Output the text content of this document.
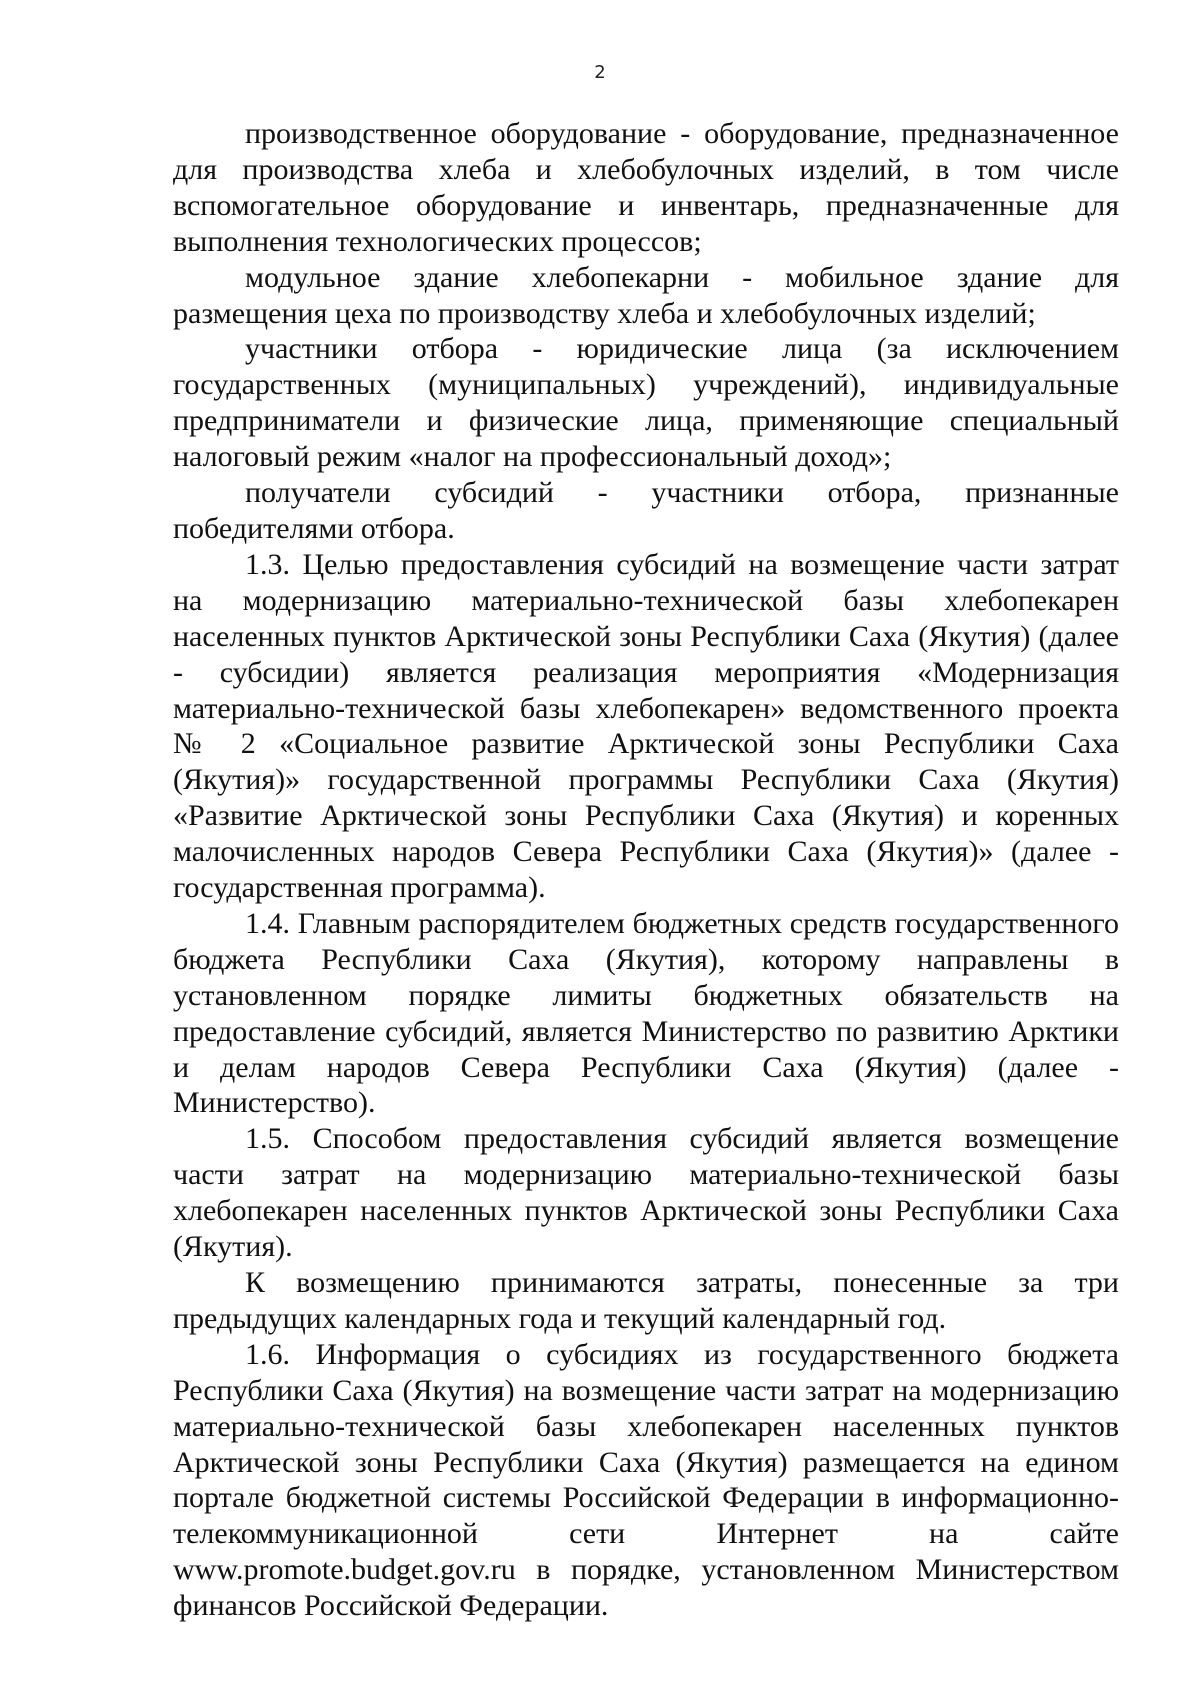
2

производственное оборудование - оборудование, предназначенное для производства хлеба и хлебобулочных изделий, в том числе вспомогательное оборудование и инвентарь, предназначенные для выполнения технологических процессов;

модульное здание хлебопекарни - мобильное здание для размещения цеха по производству хлеба и хлебобулочных изделий;

участники отбора - юридические лица (за исключением государственных (муниципальных) учреждений), индивидуальные предприниматели и физические лица, применяющие специальный налоговый режим «налог на профессиональный доход»;

получатели субсидий - участники отбора, признанные победителями отбора.

1.3. Целью предоставления субсидий на возмещение части затрат на модернизацию материально-технической базы хлебопекарен населенных пунктов Арктической зоны Республики Саха (Якутия) (далее - субсидии) является реализация мероприятия «Модернизация материально-технической базы хлебопекарен» ведомственного проекта № 2 «Социальное развитие Арктической зоны Республики Саха (Якутия)» государственной программы Республики Саха (Якутия) «Развитие Арктической зоны Республики Саха (Якутия) и коренных малочисленных народов Севера Республики Саха (Якутия)» (далее - государственная программа).

1.4. Главным распорядителем бюджетных средств государственного бюджета Республики Саха (Якутия), которому направлены в установленном порядке лимиты бюджетных обязательств на предоставление субсидий, является Министерство по развитию Арктики и делам народов Севера Республики Саха (Якутия) (далее - Министерство).

1.5. Способом предоставления субсидий является возмещение части затрат на модернизацию материально-технической базы хлебопекарен населенных пунктов Арктической зоны Республики Саха (Якутия).

К возмещению принимаются затраты, понесенные за три предыдущих календарных года и текущий календарный год.

1.6. Информация о субсидиях из государственного бюджета Республики Саха (Якутия) на возмещение части затрат на модернизацию материально-технической базы хлебопекарен населенных пунктов Арктической зоны Республики Саха (Якутия) размещается на едином портале бюджетной системы Российской Федерации в информационно-телекоммуникационной сети Интернет на сайте www.promote.budget.gov.ru в порядке, установленном Министерством финансов Российской Федерации.
